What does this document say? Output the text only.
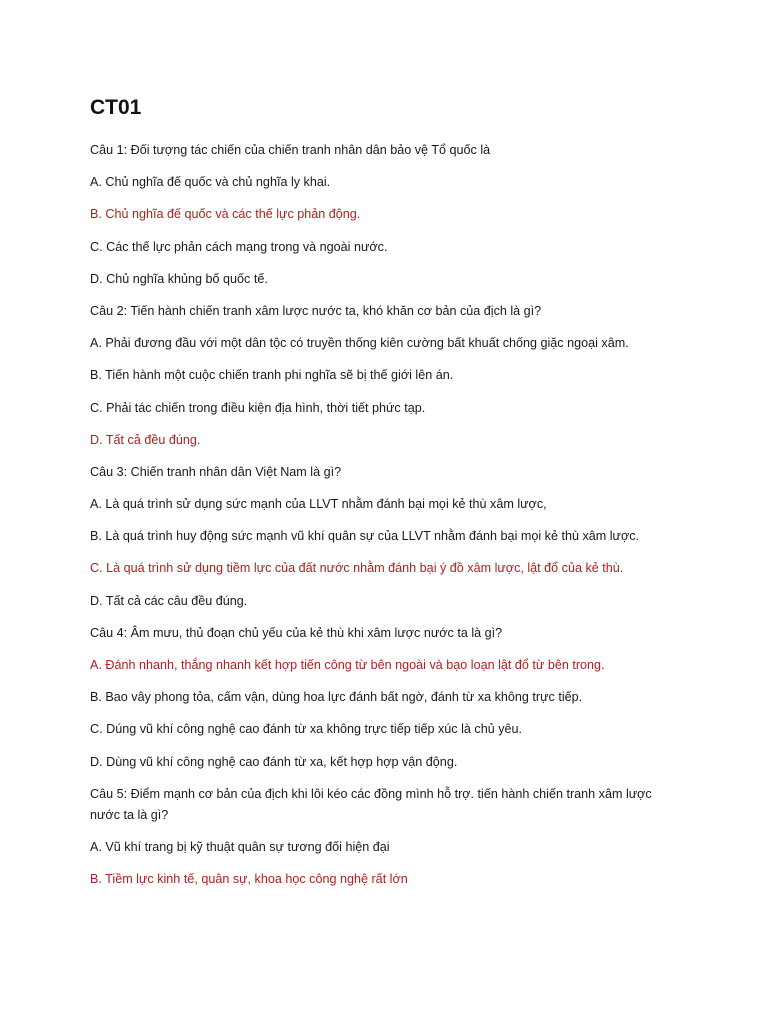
CT01
Câu 1: Đối tượng tác chiến của chiến tranh nhân dân bảo vệ Tổ quốc là
A. Chủ nghĩa đế quốc và chủ nghĩa ly khai.
B. Chủ nghĩa đế quốc và các thế lực phản động.
C. Các thế lực phản cách mạng trong và ngoài nước.
D. Chủ nghĩa khủng bố quốc tế.
Câu 2: Tiến hành chiến tranh xâm lược nước ta, khó khăn cơ bản của địch là gì?
A. Phải đương đầu với một dân tộc có truyền thống kiên cường bất khuất chống giặc ngoại xâm.
B. Tiến hành một cuộc chiến tranh phi nghĩa sẽ bị thế giới lên án.
C. Phải tác chiến trong điều kiện địa hình, thời tiết phức tạp.
D. Tất cả đều đúng.
Câu 3: Chiến tranh nhân dân Việt Nam là gì?
A. Là quá trình sử dụng sức mạnh của LLVT nhằm đánh bại mọi kẻ thù xâm lược,
B. Là quá trình huy động sức mạnh vũ khí quân sự của LLVT nhằm đánh bại mọi kẻ thù xâm lược.
C. Là quá trình sử dụng tiềm lực của đất nước nhằm đánh bại ý đồ xâm lược, lật đổ của kẻ thù.
D. Tất cả các câu đều đúng.
Câu 4: Âm mưu, thủ đoạn chủ yếu của kẻ thù khi xâm lược nước ta là gì?
A. Đánh nhanh, thắng nhanh kết hợp tiến công từ bên ngoài và bạo loạn lật đổ từ bên trong.
B. Bao vây phong tỏa, cấm vận, dùng hoa lực đánh bất ngờ, đánh từ xa không trực tiếp.
C. Dúng vũ khí công nghệ cao đánh từ xa không trực tiếp tiếp xúc là chủ yêu.
D. Dùng vũ khí công nghệ cao đánh từ xa, kết hợp hợp vận động.
Câu 5: Điểm mạnh cơ bản của địch khi lôi kéo các đồng mình hỗ trợ. tiến hành chiến tranh xâm lược nước ta là gì?
A. Vũ khí trang bị kỹ thuật quân sự tương đối hiện đại
B. Tiềm lực kinh tế, quân sự, khoa học công nghệ rất lớn
